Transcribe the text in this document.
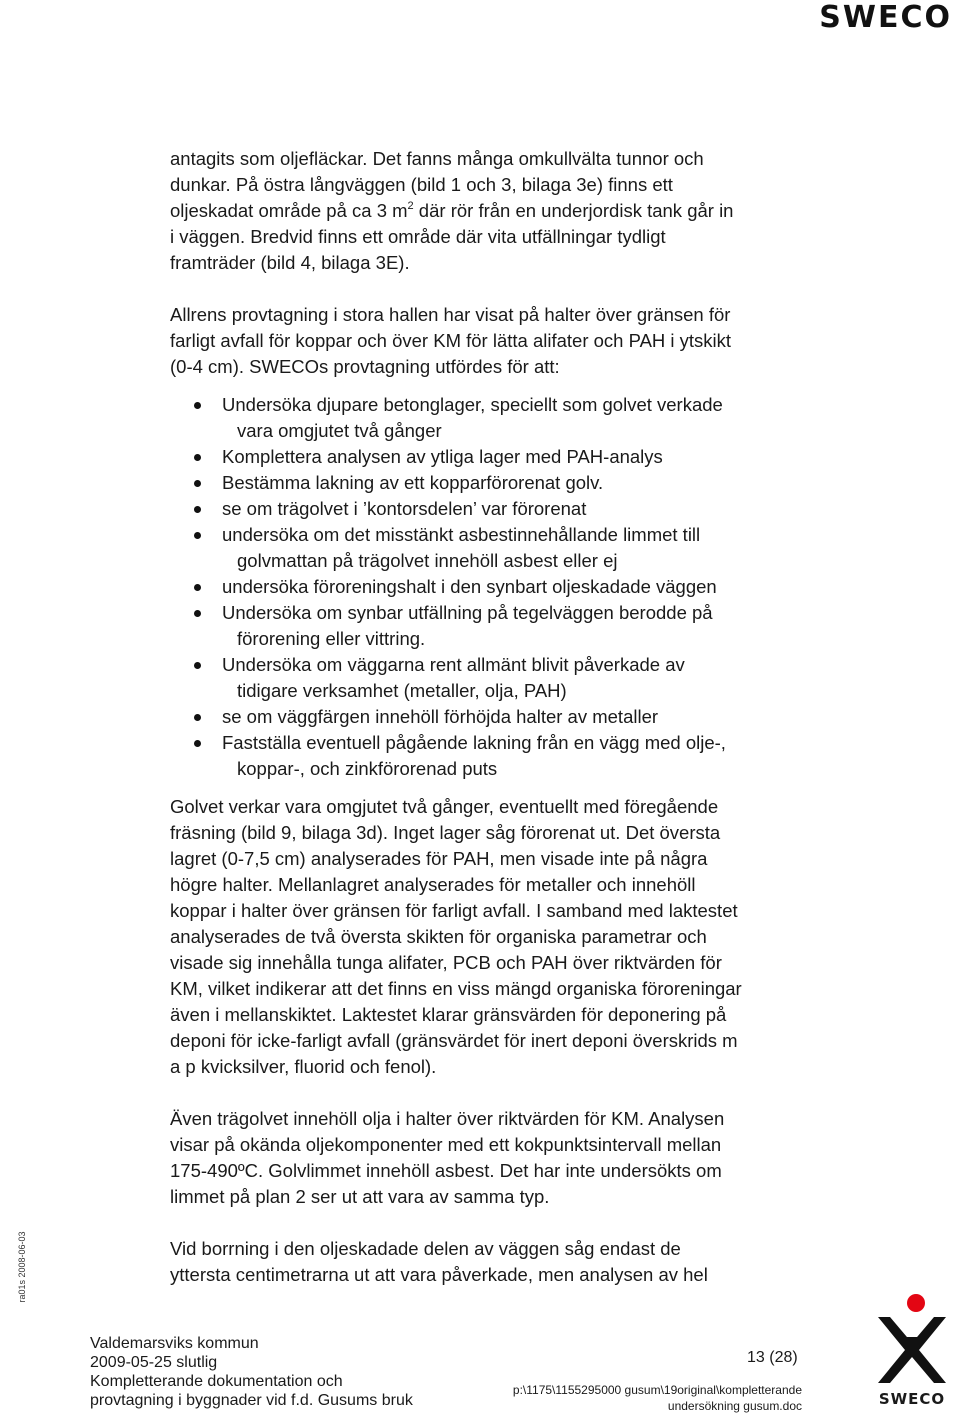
SWECO

antagits som oljefläckar. Det fanns många omkullvälta tunnor och

dunkar. På östra långväggen (bild 1 och 3, bilaga 3e) finns ett

oljeskadat område på ca 3 $m^2$ där rör från en underjordisk tank går in

i väggen. Bredvid finns ett område där vita utfällningar tydligt

framträder (bild 4, bilaga 3E).

Allrens provtagning i stora hallen har visat på halter över gränsen för

farligt avfall för koppar och över KM för lätta alifater och PAH i ytskikt

(0-4 cm). SWECOs provtagning utfördes för att:

Undersöka djupare betonglager, speciellt som golvet verkade
vara omgjutet två gånger
Komplettera analysen av ytliga lager med PAH-analys
Bestämma lakning av ett kopparförorenat golv.
se om trägolvet i ’kontorsdelen’ var förorenat
undersöka om det misstänkt asbestinnehållande limmet till
golvmattan på trägolvet innehöll asbest eller ej
undersöka föroreningshalt i den synbart oljeskadade väggen
Undersöka om synbar utfällning på tegelväggen berodde på
förorening eller vittring.
Undersöka om väggarna rent allmänt blivit påverkade av
tidigare verksamhet (metaller, olja, PAH)
se om väggfärgen innehöll förhöjda halter av metaller
Fastställa eventuell pågående lakning från en vägg med olje-,
koppar-, och zinkförorenad puts

Golvet verkar vara omgjutet två gånger, eventuellt med föregående

fräsning (bild 9, bilaga 3d). Inget lager såg förorenat ut. Det översta

lagret (0-7,5 cm) analyserades för PAH, men visade inte på några

högre halter. Mellanlagret analyserades för metaller och innehöll

koppar i halter över gränsen för farligt avfall. I samband med laktestet

analyserades de två översta skikten för organiska parametrar och

visade sig innehålla tunga alifater, PCB och PAH över riktvärden för

KM, vilket indikerar att det finns en viss mängd organiska föroreningar

även i mellanskiktet. Laktestet klarar gränsvärden för deponering på

deponi för icke-farligt avfall (gränsvärdet för inert deponi överskrids m

a p kvicksilver, fluorid och fenol).

Även trägolvet innehöll olja i halter över riktvärden för KM. Analysen

visar på okända oljekomponenter med ett kokpunktsintervall mellan

175-490ºC. Golvlimmet innehöll asbest. Det har inte undersökts om

limmet på plan 2 ser ut att vara av samma typ.

Vid borrning i den oljeskadade delen av väggen såg endast de

yttersta centimetrarna ut att vara påverkade, men analysen av hel

ra01s 2008-06-03
Valdemarsviks kommun
2009-05-25 slutlig
Kompletterande dokumentation och
provtagning i byggnader vid f.d. Gusums bruk
13 (28)
p:\1175\1155295000 gusum\19original\kompletterande
undersökning gusum.doc	SWECO
